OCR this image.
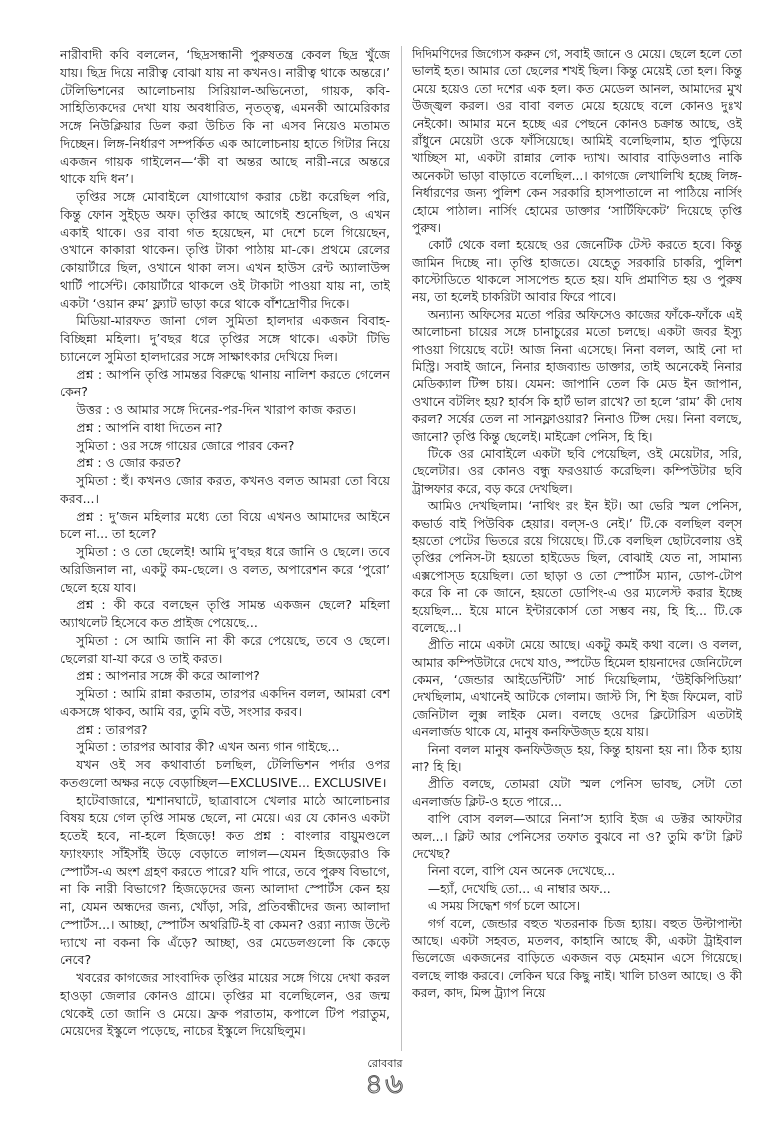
নারীবাদী কবি বললেন, ‘ছিদ্রসন্ধানী পুরুষতন্ত্র কেবল ছিদ্র খুঁজে যায়। ছিদ্র দিয়ে নারীত্ব বোঝা যায় না কখনও। নারীত্ব থাকে অন্তরে।’ টেলিভিশনের আলোচনায় সিরিয়াল-অভিনেতা, গায়ক, কবি-সাহিত্যিকদের দেখা যায় অবধারিত, নৃতত্ত্ব, এমনকী আমেরিকার সঙ্গে নিউক্লিয়ার ডিল করা উচিত কি না এসব নিয়েও মতামত দিচ্ছেন। লিঙ্গ-নির্ধারণ সম্পর্কিত এক আলোচনায় হাতে গিটার নিয়ে একজন গায়ক গাইলেন—‘কী বা অন্তর আছে নারী-নরে অন্তরে থাকে যদি ধন’।

তৃপ্তির সঙ্গে মোবাইলে যোগাযোগ করার চেষ্টা করেছিল পরি, কিন্তু ফোন সুইচ্ড অফ। তৃপ্তির কাছে আগেই শুনেছিল, ও এখন একাই থাকে। ওর বাবা গত হয়েছেন, মা দেশে চলে গিয়েছেন, ওখানে কাকারা থাকেন। তৃপ্তি টাকা পাঠায় মা-কে। প্রথমে রেলের কোয়ার্টারে ছিল, ওখানে থাকা লস। এখন হাউস রেন্ট অ্যালাউন্স থার্টি পার্সেন্ট। কোয়ার্টারে থাকলে ওই টাকাটা পাওয়া যায় না, তাই একটা ‘ওয়ান রুম’ ফ্ল্যাট ভাড়া করে থাকে বাঁশদ্রোণীর দিকে।

মিডিয়া-মারফত জানা গেল সুমিতা হালদার একজন বিবাহ-বিচ্ছিন্না মহিলা। দু’বছর ধরে তৃপ্তির সঙ্গে থাকে। একটা টিভি চ্যানেলে সুমিতা হালদারের সঙ্গে সাক্ষাৎকার দেখিয়ে দিল।

প্রশ্ন : আপনি তৃপ্তি সামন্তর বিরুদ্ধে থানায় নালিশ করতে গেলেন কেন?

উত্তর : ও আমার সঙ্গে দিনের-পর-দিন খারাপ কাজ করত।

প্রশ্ন : আপনি বাধা দিতেন না?

সুমিতা : ওর সঙ্গে গায়ের জোরে পারব কেন?

প্রশ্ন : ও জোর করত?

সুমিতা : হুঁ। কখনও জোর করত, কখনও বলত আমরা তো বিয়ে করব...।

প্রশ্ন : দু’জন মহিলার মধ্যে তো বিয়ে এখনও আমাদের আইনে চলে না... তা হলে?

সুমিতা : ও তো ছেলেই! আমি দু’বছর ধরে জানি ও ছেলে। তবে অরিজিনাল না, একটু কম-ছেলে। ও বলত, অপারেশন করে ‘পুরো’ ছেলে হয়ে যাব।

প্রশ্ন : কী করে বলছেন তৃপ্তি সামন্ত একজন ছেলে? মহিলা অ্যাথলেট হিসেবে কত প্রাইজ পেয়েছে...

সুমিতা : সে আমি জানি না কী করে পেয়েছে, তবে ও ছেলে। ছেলেরা যা-যা করে ও তাই করত।

প্রশ্ন : আপনার সঙ্গে কী করে আলাপ?

সুমিতা : আমি রান্না করতাম, তারপর একদিন বলল, আমরা বেশ একসঙ্গে থাকব, আমি বর, তুমি বউ, সংসার করব।

প্রশ্ন : তারপর?

সুমিতা : তারপর আবার কী? এখন অন্য গান গাইছে...

যখন ওই সব কথাবার্তা চলছিল, টেলিভিশন পর্দার ওপর কতগুলো অক্ষর নড়ে বেড়াচ্ছিল—EXCLUSIVE... EXCLUSIVE।

হাটেবাজারে, শ্মশানঘাটে, ছাত্রাবাসে খেলার মাঠে আলোচনার বিষয় হয়ে গেল তৃপ্তি সামন্ত ছেলে, না মেয়ে। এর যে কোনও একটা হতেই হবে, না-হলে হিজড়ে! কত প্রশ্ন : বাংলার বায়ুমণ্ডলে ফ্যাংফ্যাং সাঁইসাঁই উড়ে বেড়াতে লাগল—যেমন হিজড়েরাও কি স্পোর্টস-এ অংশ গ্রহণ করতে পারে? যদি পারে, তবে পুরুষ বিভাগে, না কি নারী বিভাগে? হিজড়েদের জন্য আলাদা স্পোর্টস কেন হয় না, যেমন অন্ধদের জন্য, খোঁড়া, সরি, প্রতিবন্ধীদের জন্য আলাদা স্পোর্টস...। আচ্ছা, স্পোর্টস অথরিটি-ই বা কেমন? ওর‍্যা ন্যাজ উল্টে দ্যাখে না বকনা কি এঁড়ে? আচ্ছা, ওর মেডেলগুলো কি কেড়ে নেবে?

খবরের কাগজের সাংবাদিক তৃপ্তির মায়ের সঙ্গে গিয়ে দেখা করল হাওড়া জেলার কোনও গ্রামে। তৃপ্তির মা বলেছিলেন, ওর জন্ম থেকেই তো জানি ও মেয়ে। ফ্রক পরাতাম, কপালে টিপ পরাতুম, মেয়েদের ইস্কুলে পড়েছে, নাচের ইস্কুলে দিয়েছিলুম।

দিদিমণিদের জিগ্যেস করুন গে, সবাই জানে ও মেয়ে। ছেলে হলে তো ভালই হত। আমার তো ছেলের শখই ছিল। কিন্তু মেয়েই তো হল। কিন্তু মেয়ে হয়েও তো দশের এক হল। কত মেডেল আনল, আমাদের মুখ উজ্জ্বল করল। ওর বাবা বলত মেয়ে হয়েছে বলে কোনও দুঃখ নেইকো। আমার মনে হচ্ছে এর পেছনে কোনও চক্রান্ত আছে, ওই রাঁধুনে মেয়েটা ওকে ফাঁসিয়েছে। আমিই বলেছিলাম, হাত পুড়িয়ে খাচ্ছিস মা, একটা রান্নার লোক দ্যাখ। আবার বাড়িওলাও নাকি অনেকটা ভাড়া বাড়াতে বলেছিল...। কাগজে লেখালিখি হচ্ছে লিঙ্গ-নির্ধারণের জন্য পুলিশ কেন সরকারি হাসপাতালে না পাঠিয়ে নার্সিং হোমে পাঠাল। নার্সিং হোমের ডাক্তার ‘সার্টিফিকেট’ দিয়েছে তৃপ্তি পুরুষ।

কোর্ট থেকে বলা হয়েছে ওর জেনেটিক টেস্ট করতে হবে। কিন্তু জামিন দিচ্ছে না। তৃপ্তি হাজতে। যেহেতু সরকারি চাকরি, পুলিশ কাস্টোডিতে থাকলে সাসপেন্ড হতে হয়। যদি প্রমাণিত হয় ও পুরুষ নয়, তা হলেই চাকরিটা আবার ফিরে পাবে।

অন্যান্য অফিসের মতো পরির অফিসেও কাজের ফাঁকে-ফাঁকে এই আলোচনা চায়ের সঙ্গে চানাচুরের মতো চলছে। একটা জবর ইস্যু পাওয়া গিয়েছে বটে! আজ নিনা এসেছে। নিনা বলল, আই নো দা মিস্ট্রি। সবাই জানে, নিনার হাজব্যান্ড ডাক্তার, তাই অনেকেই নিনার মেডিক্যাল টিপ্স চায়। যেমন: জাপানি তেল কি মেড ইন জাপান, ওখানে বটলিং হয়? হার্বস কি হার্ট ভাল রাখে? তা হলে ‘রাম’ কী দোষ করল? সর্ষের তেল না সানফ্লাওয়ার? নিনাও টিপ্স দেয়। নিনা বলছে, জানো? তৃপ্তি কিন্তু ছেলেই। মাইক্রো পেনিস, হি হি।

টিকে ওর মোবাইলে একটা ছবি পেয়েছিল, ওই মেয়েটার, সরি, ছেলেটার। ওর কোনও বন্ধু ফরওয়ার্ড করেছিল। কম্পিউটার ছবি ট্রান্সফার করে, বড় করে দেখছিল।

আমিও দেখছিলাম। ‘নাথিং রং ইন ইট। আ ভেরি স্মল পেনিস, কভার্ড বাই পিউবিক হেয়ার। বল্স-ও নেই।’ টি.কে বলছিল বল্স হয়তো পেটের ভিতরে রয়ে গিয়েছে। টি.কে বলছিল ছোটবেলায় ওই তৃপ্তির পেনিস-টা হয়তো হাইডেড ছিল, বোঝাই যেত না, সামান্য এক্সপোস্ড হয়েছিল। তো ছাড়া ও তো স্পোর্টস ম্যান, ডোপ-টোপ করে কি না কে জানে, হয়তো ডোপিং-এ ওর ম্যলেস্ট করার ইচ্ছে হয়েছিল... ইয়ে মানে ইন্টারকোর্স তো সম্ভব নয়, হি হি... টি.কে বলেছে...।

প্রীতি নামে একটা মেয়ে আছে। একটু কমই কথা বলে। ও বলল, আমার কম্পিউটারে দেখে যাও, স্পটেড হিমেল হায়নাদের জেনিটেলে কেমন, ‘জেন্ডার আইডেন্টিটি’ সার্চ দিয়েছিলাম, ‘উইকিপিডিয়া’ দেখছিলাম, এখানেই আটকে গেলাম। জাস্ট সি, শি ইজ ফিমেল, বাট জেনিটাল লুক্স লাইক মেল। বলছে ওদের ক্লিটোরিস এতটাই এনলার্জড থাকে যে, মানুষ কনফিউজ্ড হয়ে যায়।

নিনা বলল মানুষ কনফিউজ্ড হয়, কিন্তু হায়না হয় না। ঠিক হ্যায় না? হি হি।

প্রীতি বলছে, তোমরা যেটা স্মল পেনিস ভাবছ, সেটা তো এনলার্জড ক্লিট-ও হতে পারে...

বাপি বোস বলল—আরে নিনা’স হ্যাবি ইজ এ ডক্টর আফটার অল...। ক্লিট আর পেনিসের তফাত বুঝবে না ও? তুমি ক’টা ক্লিট দেখেছ?

নিনা বলে, বাপি যেন অনেক দেখেছে...

—হ্যাঁ, দেখেছি তো... এ নাম্বার অফ...

এ সময় সিদ্ধেশ গর্গ চলে আসে।

গর্গ বলে, জেন্ডার বহুত খতরনাক চিজ হ্যায়। বহুত উল্টাপাল্টা আছে। একটা সহবত, মতলব, কাহানি আছে কী, একটা ট্রাইবাল ভিলেজে একজনের বাড়িতে একজন বড় মেহমান এসে গিয়েছে। বলছে লাঞ্চ করবে। লেকিন ঘরে কিছু নাই। খালি চাওল আছে। ও কী করল, কাদ, মিন্স ট্র্যাপ নিয়ে

রোববার
৪৬
